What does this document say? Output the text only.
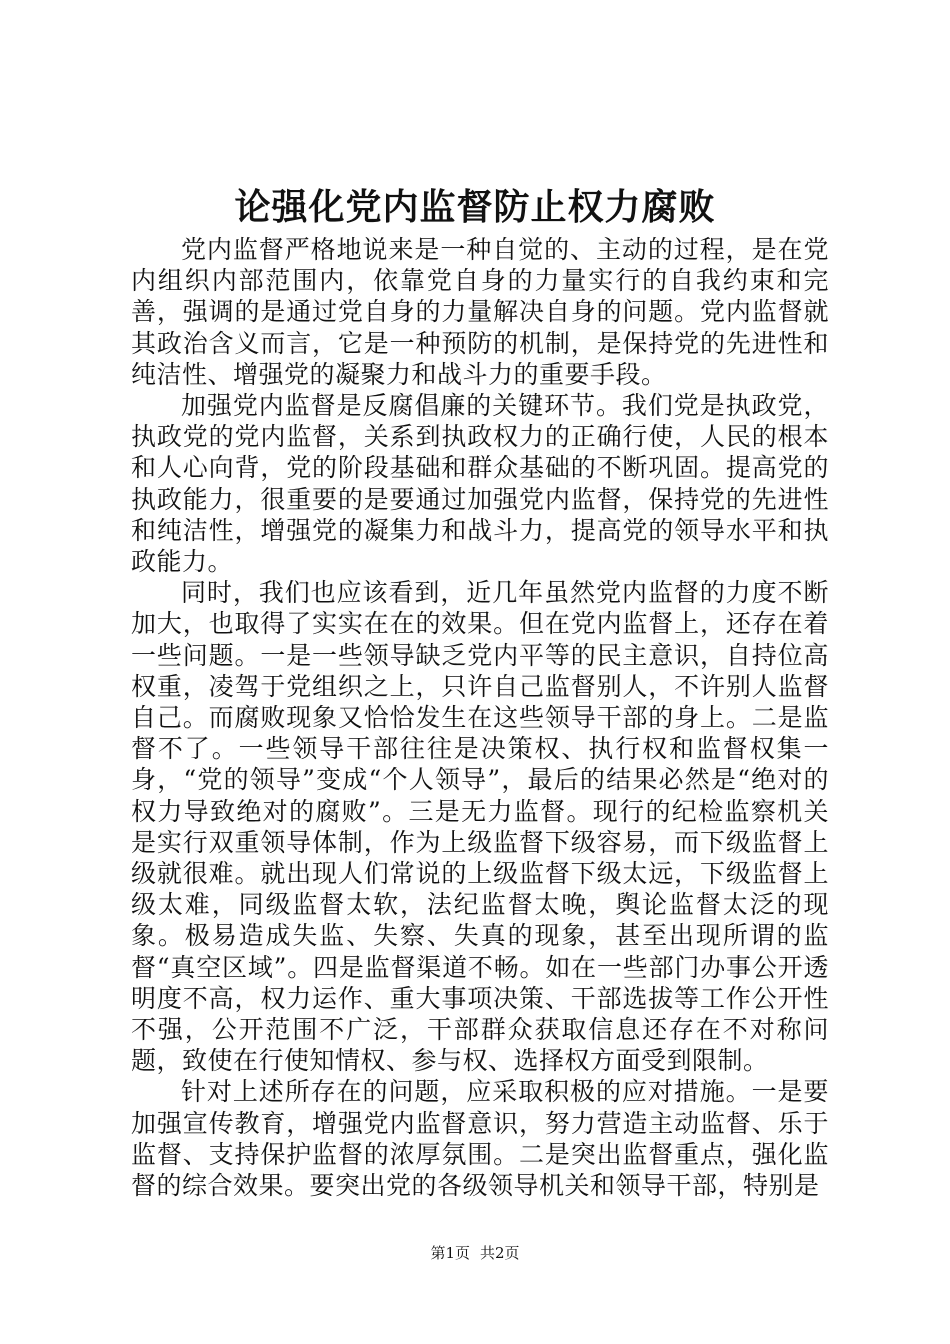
论强化党内监督防止权力腐败

党内监督严格地说来是一种自觉的、主动的过程，是在党内组织内部范围内，依靠党自身的力量实行的自我约束和完善，强调的是通过党自身的力量解决自身的问题。党内监督就其政治含义而言，它是一种预防的机制，是保持党的先进性和纯洁性、增强党的凝聚力和战斗力的重要手段。

加强党内监督是反腐倡廉的关键环节。我们党是执政党，执政党的党内监督，关系到执政权力的正确行使，人民的根本和人心向背，党的阶段基础和群众基础的不断巩固。提高党的执政能力，很重要的是要通过加强党内监督，保持党的先进性和纯洁性，增强党的凝集力和战斗力，提高党的领导水平和执政能力。

同时，我们也应该看到，近几年虽然党内监督的力度不断加大，也取得了实实在在的效果。但在党内监督上，还存在着一些问题。一是一些领导缺乏党内平等的民主意识，自持位高权重，凌驾于党组织之上，只许自己监督别人，不许别人监督自己。而腐败现象又恰恰发生在这些领导干部的身上。二是监督不了。一些领导干部往往是决策权、执行权和监督权集一身，“党的领导”变成“个人领导”，最后的结果必然是“绝对的权力导致绝对的腐败”。三是无力监督。现行的纪检监察机关是实行双重领导体制，作为上级监督下级容易，而下级监督上级就很难。就出现人们常说的上级监督下级太远，下级监督上级太难，同级监督太软，法纪监督太晚，舆论监督太泛的现象。极易造成失监、失察、失真的现象，甚至出现所谓的监督“真空区域”。四是监督渠道不畅。如在一些部门办事公开透明度不高，权力运作、重大事项决策、干部选拔等工作公开性不强，公开范围不广泛，干部群众获取信息还存在不对称问题，致使在行使知情权、参与权、选择权方面受到限制。

针对上述所存在的问题，应采取积极的应对措施。一是要加强宣传教育，增强党内监督意识，努力营造主动监督、乐于监督、支持保护监督的浓厚氛围。二是突出监督重点，强化监督的综合效果。要突出党的各级领导机关和领导干部，特别是

第1页 共2页
